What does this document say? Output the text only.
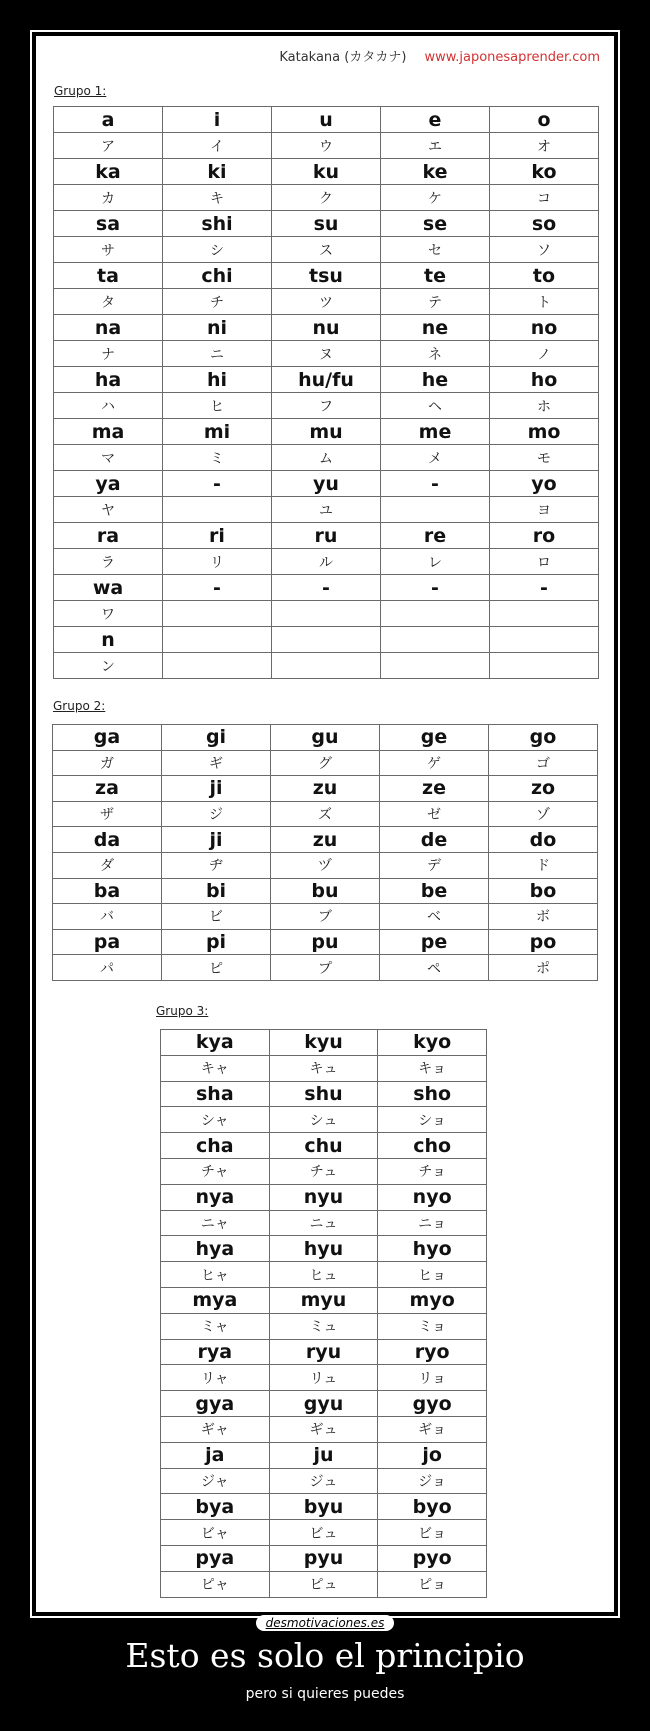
Katakana (カタカナ) www.japonesaprender.com
Grupo 1:
a	i	u	e	o
ア	イ	ウ	エ	オ
ka	ki	ku	ke	ko
カ	キ	ク	ケ	コ
sa	shi	su	se	so
サ	シ	ス	セ	ソ
ta	chi	tsu	te	to
タ	チ	ツ	テ	ト
na	ni	nu	ne	no
ナ	ニ	ヌ	ネ	ノ
ha	hi	hu/fu	he	ho
ハ	ヒ	フ	ヘ	ホ
ma	mi	mu	me	mo
マ	ミ	ム	メ	モ
ya	-	yu	-	yo
ヤ		ユ		ヨ
ra	ri	ru	re	ro
ラ	リ	ル	レ	ロ
wa	-	-	-	-
ワ				
n				
ン				
Grupo 2:
ga	gi	gu	ge	go
ガ	ギ	グ	ゲ	ゴ
za	ji	zu	ze	zo
ザ	ジ	ズ	ゼ	ゾ
da	ji	zu	de	do
ダ	ヂ	ヅ	デ	ド
ba	bi	bu	be	bo
バ	ビ	ブ	ベ	ボ
pa	pi	pu	pe	po
パ	ピ	プ	ペ	ポ
Grupo 3:
kya	kyu	kyo
キャ	キュ	キョ
sha	shu	sho
シャ	シュ	ショ
cha	chu	cho
チャ	チュ	チョ
nya	nyu	nyo
ニャ	ニュ	ニョ
hya	hyu	hyo
ヒャ	ヒュ	ヒョ
mya	myu	myo
ミャ	ミュ	ミョ
rya	ryu	ryo
リャ	リュ	リョ
gya	gyu	gyo
ギャ	ギュ	ギョ
ja	ju	jo
ジャ	ジュ	ジョ
bya	byu	byo
ビャ	ビュ	ビョ
pya	pyu	pyo
ピャ	ピュ	ピョ
desmotivaciones.es
Esto es solo el principio
pero si quieres puedes
